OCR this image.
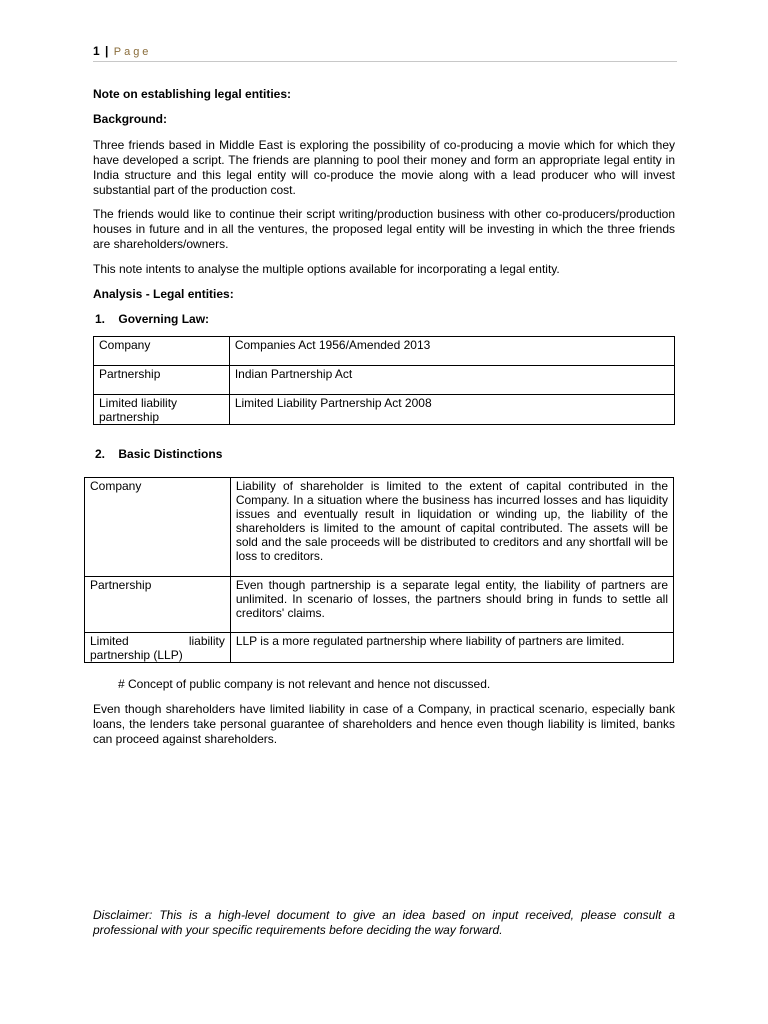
1 | Page
Note on establishing legal entities:
Background:
Three friends based in Middle East is exploring the possibility of co-producing a movie which for which they have developed a script. The friends are planning to pool their money and form an appropriate legal entity in India structure and this legal entity will co-produce the movie along with a lead producer who will invest substantial part of the production cost.
The friends would like to continue their script writing/production business with other co-producers/production houses in future and in all the ventures, the proposed legal entity will be investing in which the three friends are shareholders/owners.
This note intents to analyse the multiple options available for incorporating a legal entity.
Analysis - Legal entities:
1. Governing Law:
Company	Companies Act 1956/Amended 2013
Partnership	Indian Partnership Act
Limited liability partnership	Limited Liability Partnership Act 2008
2. Basic Distinctions
Company	Liability of shareholder is limited to the extent of capital contributed in the Company. In a situation where the business has incurred losses and has liquidity issues and eventually result in liquidation or winding up, the liability of the shareholders is limited to the amount of capital contributed. The assets will be sold and the sale proceeds will be distributed to creditors and any shortfall will be loss to creditors.
Partnership	Even though partnership is a separate legal entity, the liability of partners are unlimited. In scenario of losses, the partners should bring in funds to settle all creditors' claims.
Limited liability partnership (LLP)	LLP is a more regulated partnership where liability of partners are limited.
# Concept of public company is not relevant and hence not discussed.
Even though shareholders have limited liability in case of a Company, in practical scenario, especially bank loans, the lenders take personal guarantee of shareholders and hence even though liability is limited, banks can proceed against shareholders.
Disclaimer: This is a high-level document to give an idea based on input received, please consult a professional with your specific requirements before deciding the way forward.
